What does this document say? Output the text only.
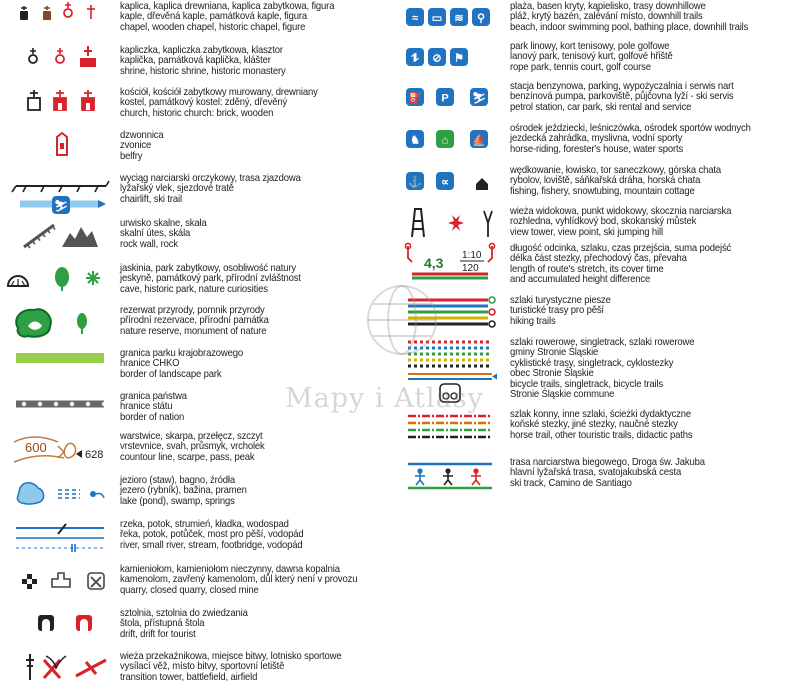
kaplica, kaplica drewniana, kaplica zabytkowa, figura
kaple, dřevěná kaple, památková kaple, figura
chapel, wooden chapel, historic chapel, figure
kapliczka, kapliczka zabytkowa, klasztor
kaplička, památková kaplička, klášter
shrine, historic shrine, historic monastery
kościół, kościół zabytkowy murowany, drewniany
kostel, památkový kostel: zděný, dřevěný
church, historic church: brick, wooden
dzwonnica
zvonice
belfry
⛷
wyciąg narciarski orczykowy, trasa zjazdowa
lyžařský vlek, sjezdové tratě
chairlift, ski trail
urwisko skalne, skała
skalní útes, skála
rock wall, rock
jaskinia, park zabytkowy, osobliwość natury
jeskyně, památkový park, přírodní zvláštnost
cave, historic park, nature curiosities
rezerwat przyrody, pomnik przyrody
přírodní rezervace, přírodní památka
nature reserve, monument of nature
granica parku krajobrazowego
hranice CHKO
border of landscape park
granica państwa
hranice státu
border of nation
600	628
warstwice, skarpa, przełęcz, szczyt
vrstevnice, svah, průsmyk, vrcholek
countour line, scarpe, pass, peak
jezioro (staw), bagno, źródła
jezero (rybník), bažina, pramen
lake (pond), swamp, springs
rzeka, potok, strumień, kładka, wodospad
řeka, potok, potůček, most pro pěší, vodopád
river, small river, stream, footbridge, vodopád
kamieniołom, kamieniołom nieczynny, dawna kopalnia
kamenolom, zavřený kamenolom, důl který není v provozu
quarry, closed quarry, closed mine
sztolnia, sztolnia do zwiedzania
štola, přístupná štola
drift, drift for tourist
wieża przekaźnikowa, miejsce bitwy, lotnisko sportowe
vysílací věž, místo bitvy, sportovní letiště
transition tower, battlefield, airfield
≈ ▭ ≋ ⚲
plaża, basen kryty, kąpielisko, trasy downhillowe
pláž, krytý bazén, zalévání místo, downhill trails
beach, indoor swimming pool, bathing place, downhill trails
⥮ ⊘ ⚑
park linowy, kort tenisowy, pole golfowe
lanový park, tenisový kurt, golfové hřiště
rope park, tennis court, golf course
⛽ P ⛷
stacja benzynowa, parking, wypożyczalnia i serwis nart
benzínová pumpa, parkoviště, půjčovna lyží - ski servis
petrol station, car park, ski rental and service
♞ ⌂ ⛵
ośrodek jeździecki, leśniczówka, ośrodek sportów wodnych
jezdecká zahrádka, myslivna, vodní sporty
horse-riding, forester's house, water sports
⚓ ∝
wędkowanie, łowisko, tor saneczkowy, górska chata
rybolov, loviště, sáňkařská dráha, horská chata
fishing, fishery, snowtubing, mountain cottage
wieża widokowa, punkt widokowy, skocznia narciarska
rozhledna, vyhlídkový bod, skokanský můstek
view tower, view point, ski jumping hill
4,3 1:10
120
długość odcinka, szlaku, czas przejścia, suma podejść
délka část stezky, přechodový čas, převaha
length of route's stretch, its cover time
and accumulated height difference
szlaki turystyczne piesze
turistické trasy pro pěší
hiking trails
szlaki rowerowe, singletrack, szlaki rowerowe
gminy Stronie Śląskie
cyklistické trasy, singletrack, cyklostezky
obec Stronie Śląskie
bicycle trails, singletrack, bicycle trails
Stronie Śląskie commune
szlak konny, inne szlaki, ścieżki dydaktyczne
koňské stezky, jiné stezky, naučné stezky
horse trail, other touristic trails, didactic paths
trasa narciarstwa biegowego, Droga św. Jakuba
hlavní lyžařská trasa, svatojakubská cesta
ski track, Camino de Santiago
Mapy i Atlasy
